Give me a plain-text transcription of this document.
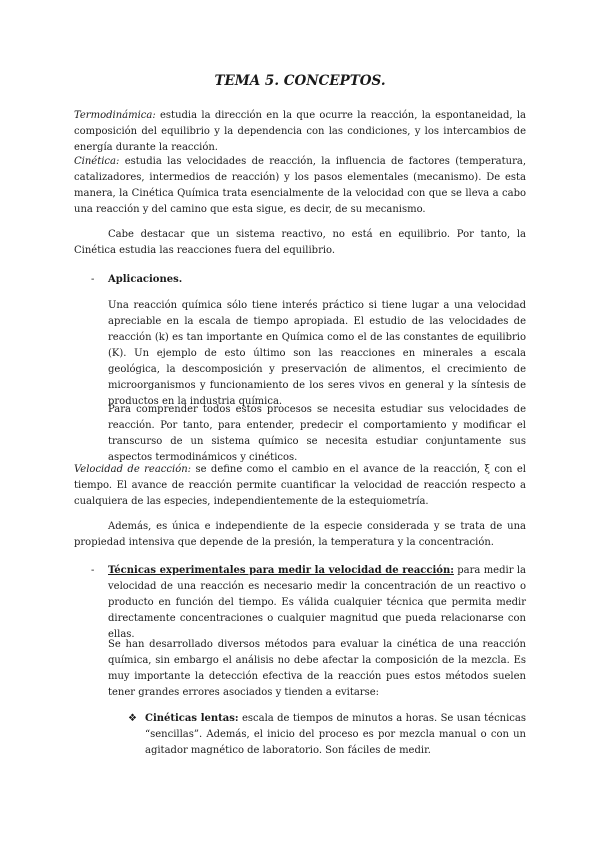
TEMA 5. CONCEPTOS.

Termodinámica: estudia la dirección en la que ocurre la reacción, la espontaneidad, la composición del equilibrio y la dependencia con las condiciones, y los intercambios de energía durante la reacción.

Cinética: estudia las velocidades de reacción, la influencia de factores (temperatura, catalizadores, intermedios de reacción) y los pasos elementales (mecanismo). De esta manera, la Cinética Química trata esencialmente de la velocidad con que se lleva a cabo una reacción y del camino que esta sigue, es decir, de su mecanismo.

Cabe destacar que un sistema reactivo, no está en equilibrio. Por tanto, la Cinética estudia las reacciones fuera del equilibrio.

-	Aplicaciones.

Una reacción química sólo tiene interés práctico si tiene lugar a una velocidad apreciable en la escala de tiempo apropiada. El estudio de las velocidades de reacción (k) es tan importante en Química como el de las constantes de equilibrio (K). Un ejemplo de esto último son las reacciones en minerales a escala geológica, la descomposición y preservación de alimentos, el crecimiento de microorganismos y funcionamiento de los seres vivos en general y la síntesis de productos en la industria química.

Para comprender todos estos procesos se necesita estudiar sus velocidades de reacción. Por tanto, para entender, predecir el comportamiento y modificar el transcurso de un sistema químico se necesita estudiar conjuntamente sus aspectos termodinámicos y cinéticos.

Velocidad de reacción: se define como el cambio en el avance de la reacción, ξ con el tiempo. El avance de reacción permite cuantificar la velocidad de reacción respecto a cualquiera de las especies, independientemente de la estequiometría.

Además, es única e independiente de la especie considerada y se trata de una propiedad intensiva que depende de la presión, la temperatura y la concentración.

-	Técnicas experimentales para medir la velocidad de reacción: para medir la velocidad de una reacción es necesario medir la concentración de un reactivo o producto en función del tiempo. Es válida cualquier técnica que permita medir directamente concentraciones o cualquier magnitud que pueda relacionarse con ellas.

Se han desarrollado diversos métodos para evaluar la cinética de una reacción química, sin embargo el análisis no debe afectar la composición de la mezcla. Es muy importante la detección efectiva de la reacción pues estos métodos suelen tener grandes errores asociados y tienden a evitarse:

❖ Cinéticas lentas: escala de tiempos de minutos a horas. Se usan técnicas “sencillas”. Además, el inicio del proceso es por mezcla manual o con un agitador magnético de laboratorio. Son fáciles de medir.
